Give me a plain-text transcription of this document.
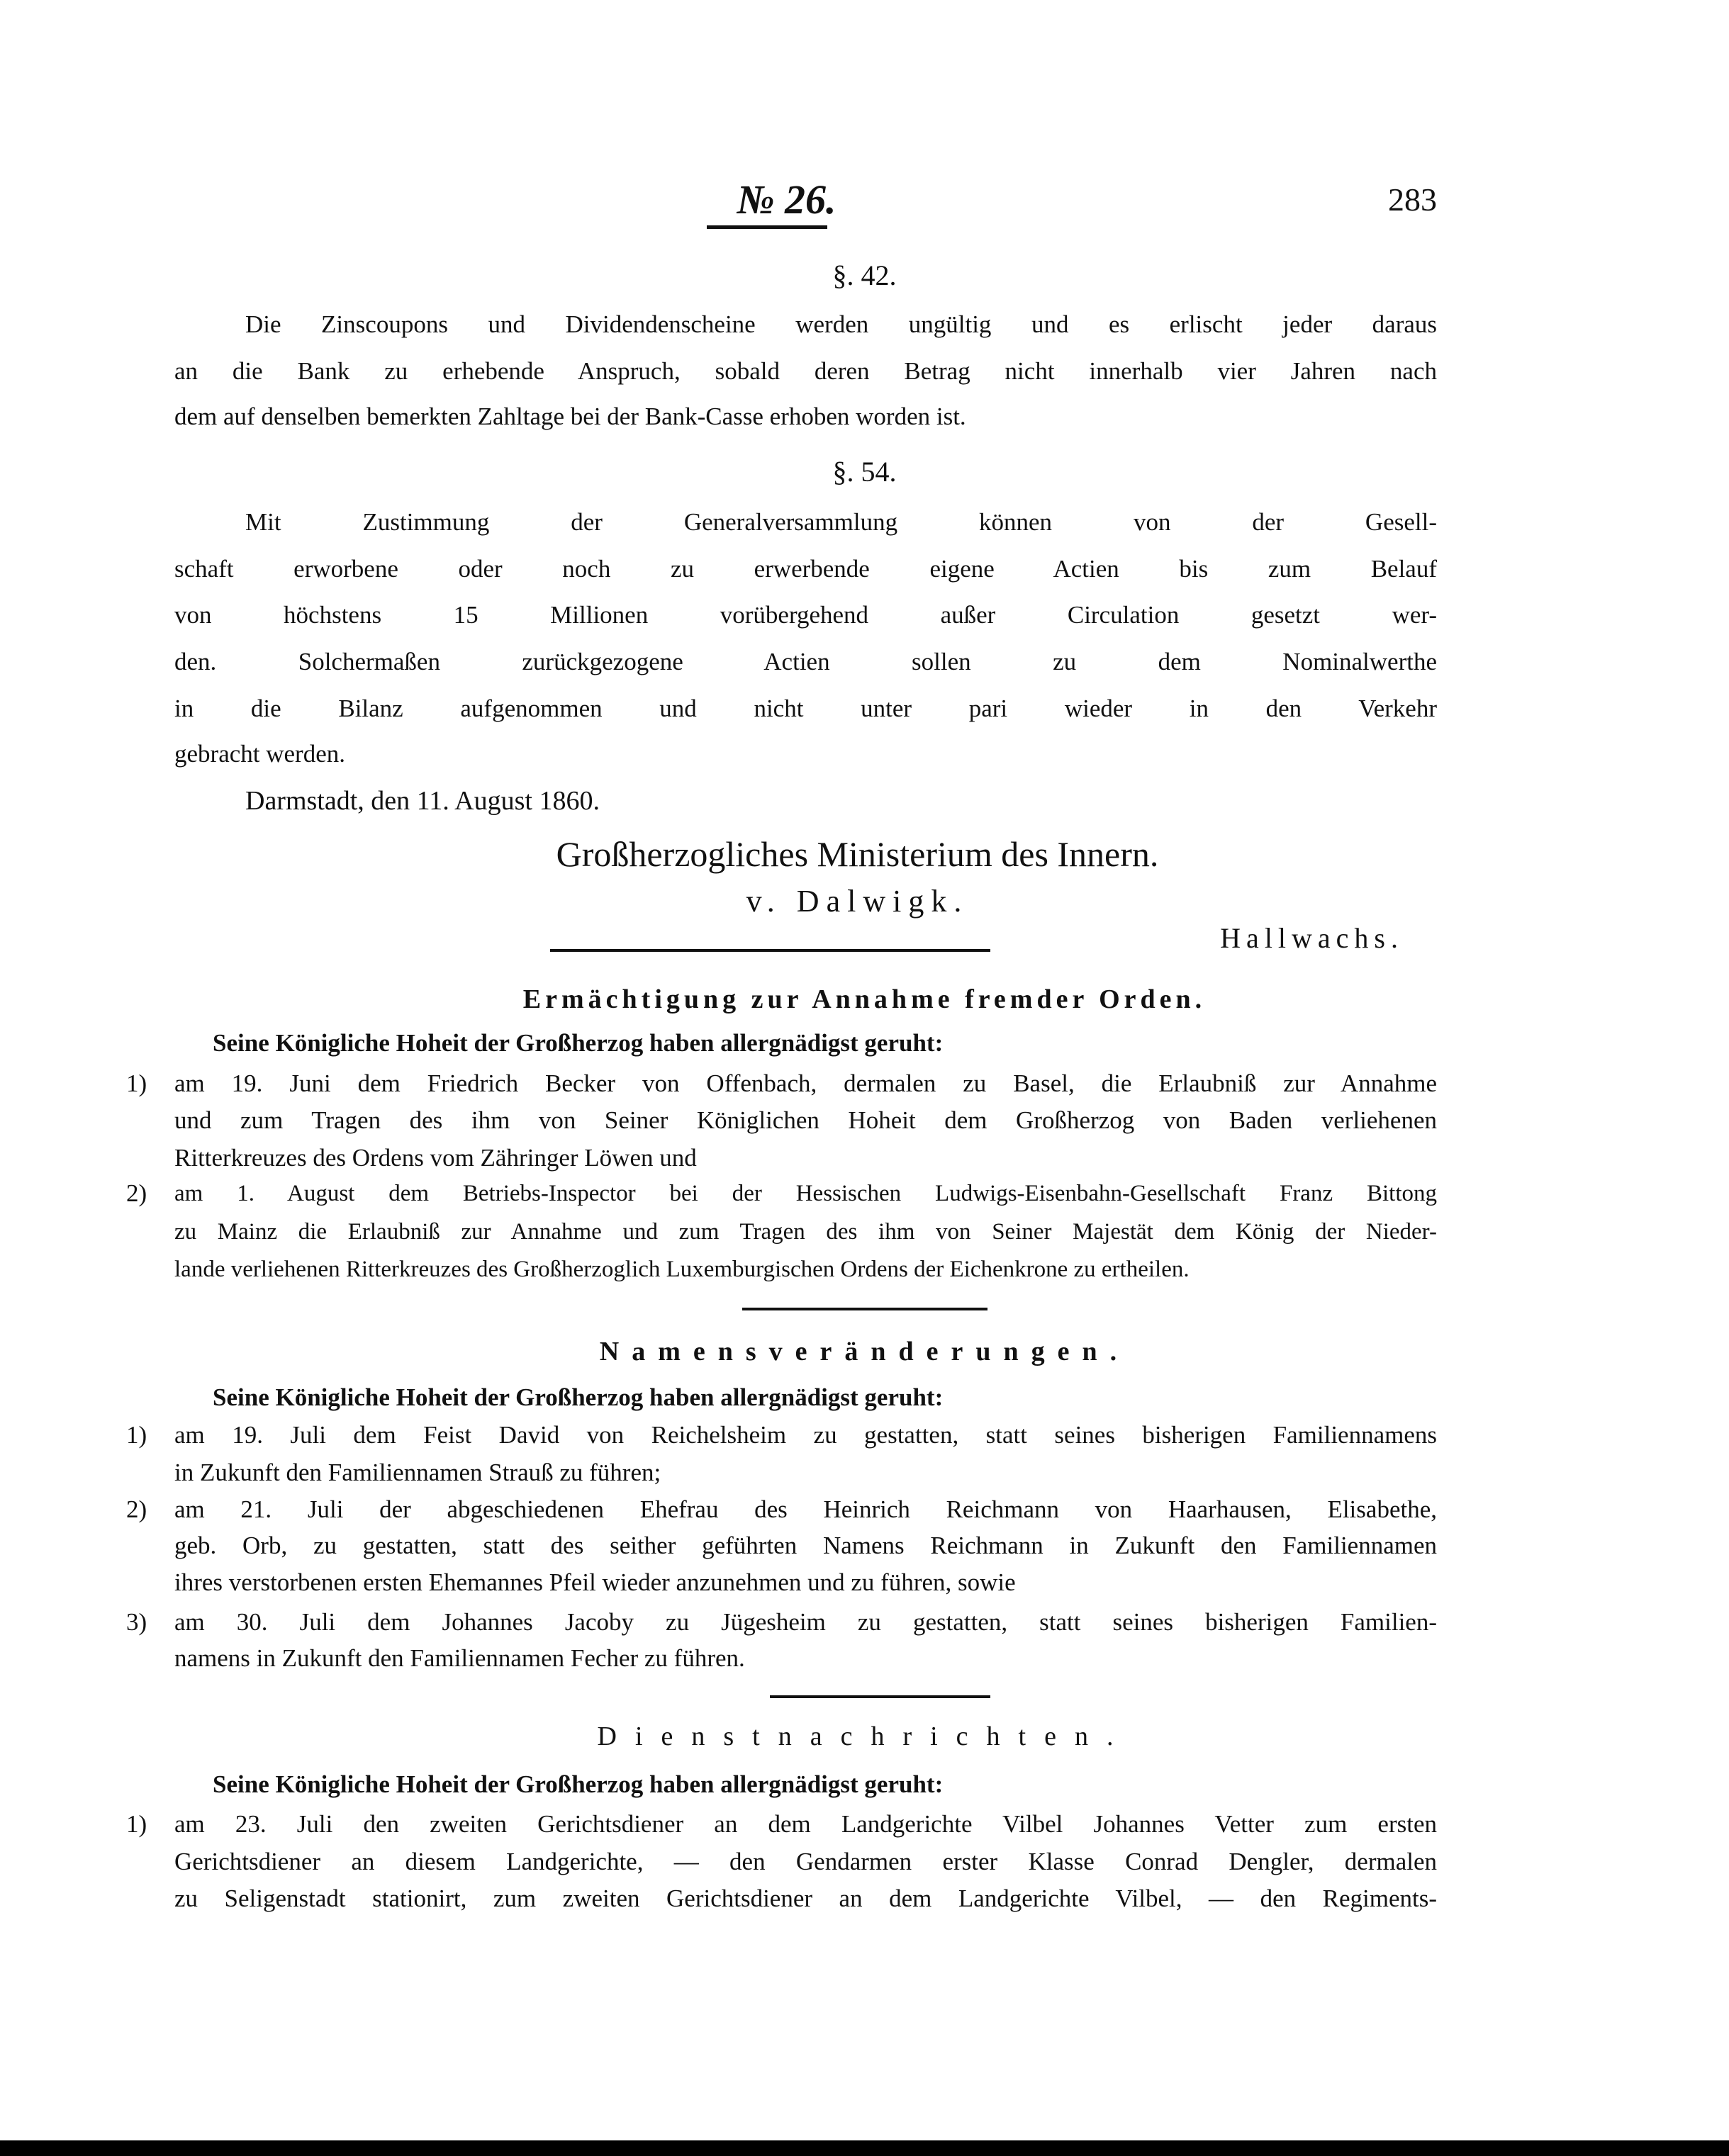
№ 26.	283
§. 42.
Die Zinscoupons und Dividendenscheine werden ungültig und es erlischt jeder daraus
an die Bank zu erhebende Anspruch, sobald deren Betrag nicht innerhalb vier Jahren nach
dem auf denselben bemerkten Zahltage bei der Bank-Casse erhoben worden ist.
§. 54.
Mit Zustimmung der Generalversammlung können von der Gesell-
schaft erworbene oder noch zu erwerbende eigene Actien bis zum Belauf
von höchstens 15 Millionen vorübergehend außer Circulation gesetzt wer-
den. Solchermaßen zurückgezogene Actien sollen zu dem Nominalwerthe
in die Bilanz aufgenommen und nicht unter pari wieder in den Verkehr
gebracht werden.
Darmstadt, den 11. August 1860.
Großherzogliches Ministerium des Innern.
v. Dalwigk.
Hallwachs.
Ermächtigung zur Annahme fremder Orden.
Seine Königliche Hoheit der Großherzog haben allergnädigst geruht:
1) am 19. Juni dem Friedrich Becker von Offenbach, dermalen zu Basel, die Erlaubniß zur Annahme
und zum Tragen des ihm von Seiner Königlichen Hoheit dem Großherzog von Baden verliehenen
Ritterkreuzes des Ordens vom Zähringer Löwen und
2) am 1. August dem Betriebs-Inspector bei der Hessischen Ludwigs-Eisenbahn-Gesellschaft Franz Bittong
zu Mainz die Erlaubniß zur Annahme und zum Tragen des ihm von Seiner Majestät dem König der Nieder-
lande verliehenen Ritterkreuzes des Großherzoglich Luxemburgischen Ordens der Eichenkrone zu ertheilen.
Namensveränderungen.
Seine Königliche Hoheit der Großherzog haben allergnädigst geruht:
1) am 19. Juli dem Feist David von Reichelsheim zu gestatten, statt seines bisherigen Familiennamens
in Zukunft den Familiennamen Strauß zu führen;
2) am 21. Juli der abgeschiedenen Ehefrau des Heinrich Reichmann von Haarhausen, Elisabethe,
geb. Orb, zu gestatten, statt des seither geführten Namens Reichmann in Zukunft den Familiennamen
ihres verstorbenen ersten Ehemannes Pfeil wieder anzunehmen und zu führen, sowie
3) am 30. Juli dem Johannes Jacoby zu Jügesheim zu gestatten, statt seines bisherigen Familien-
namens in Zukunft den Familiennamen Fecher zu führen.
Dienstnachrichten.
Seine Königliche Hoheit der Großherzog haben allergnädigst geruht:
1) am 23. Juli den zweiten Gerichtsdiener an dem Landgerichte Vilbel Johannes Vetter zum ersten
Gerichtsdiener an diesem Landgerichte, — den Gendarmen erster Klasse Conrad Dengler, dermalen
zu Seligenstadt stationirt, zum zweiten Gerichtsdiener an dem Landgerichte Vilbel, — den Regiments-
